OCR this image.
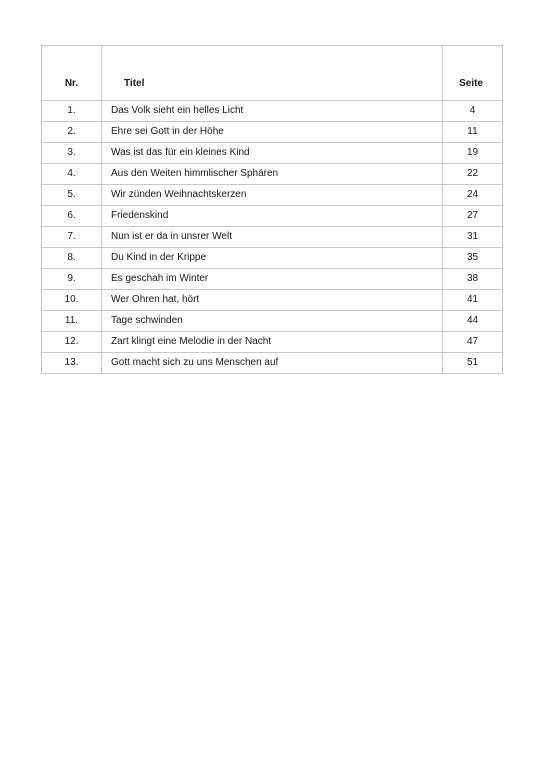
Nr.	Titel	Seite
1.	Das Volk sieht ein helles Licht	4
2.	Ehre sei Gott in der Höhe	11
3.	Was ist das für ein kleines Kind	19
4.	Aus den Weiten himmlischer Sphären	22
5.	Wir zünden Weihnachtskerzen	24
6.	Friedenskind	27
7.	Nun ist er da in unsrer Welt	31
8.	Du Kind in der Krippe	35
9.	Es geschah im Winter	38
10.	Wer Ohren hat, hört	41
11.	Tage schwinden	44
12.	Zart klingt eine Melodie in der Nacht	47
13.	Gott macht sich zu uns Menschen auf	51
